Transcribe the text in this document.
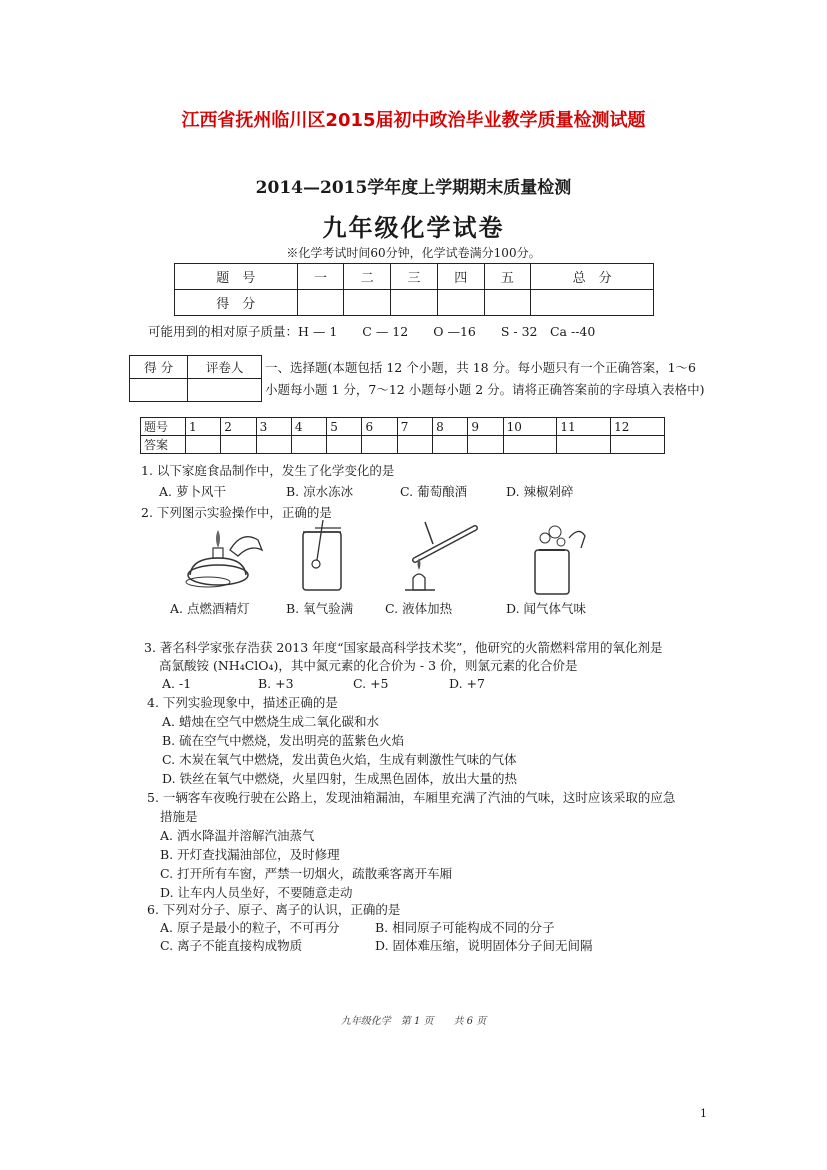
江西省抚州临川区2015届初中政治毕业教学质量检测试题
2014—2015学年度上学期期末质量检测
九年级化学试卷
※化学考试时间60分钟，化学试卷满分100分。
题　号	一	二	三	四	五	总　分
得　分						
可能用到的相对原子质量：H — 1　　C — 12　　O —16　　S - 32　Ca --40
得 分	评卷人
	一、选择题(本题包括 12 个小题，共 18 分。每小题只有一个正确答案，1～6
小题每小题 1 分，7～12 小题每小题 2 分。请将正确答案前的字母填入表格中)
题号	1	2	3	4	5	6	7	8	9	10	11	12
答案												
1. 以下家庭食品制作中，发生了化学变化的是
A. 萝卜风干	B. 凉水冻冰	C. 葡萄酿酒	D. 辣椒剁碎
2. 下列图示实验操作中，正确的是
A. 点燃酒精灯	B. 氧气验满	C. 液体加热	D. 闻气体气味
3. 著名科学家张存浩获 2013 年度“国家最高科学技术奖”，他研究的火箭燃料常用的氧化剂是
高氯酸铵 (NH₄ClO₄)，其中氮元素的化合价为 - 3 价，则氯元素的化合价是
A. -1	B. +3	C. +5	D. +7
4. 下列实验现象中，描述正确的是
A. 蜡烛在空气中燃烧生成二氧化碳和水
B. 硫在空气中燃烧，发出明亮的蓝紫色火焰
C. 木炭在氧气中燃烧，发出黄色火焰，生成有刺激性气味的气体
D. 铁丝在氧气中燃烧，火星四射，生成黑色固体，放出大量的热
5. 一辆客车夜晚行驶在公路上，发现油箱漏油，车厢里充满了汽油的气味，这时应该采取的应急
措施是
A. 洒水降温并溶解汽油蒸气
B. 开灯查找漏油部位，及时修理
C. 打开所有车窗，严禁一切烟火，疏散乘客离开车厢
D. 让车内人员坐好，不要随意走动
6. 下列对分子、原子、离子的认识，正确的是
A. 原子是最小的粒子，不可再分	B. 相同原子可能构成不同的分子
C. 离子不能直接构成物质	D. 固体难压缩，说明固体分子间无间隔
九年级化学　第 1 页　　共 6 页
1
